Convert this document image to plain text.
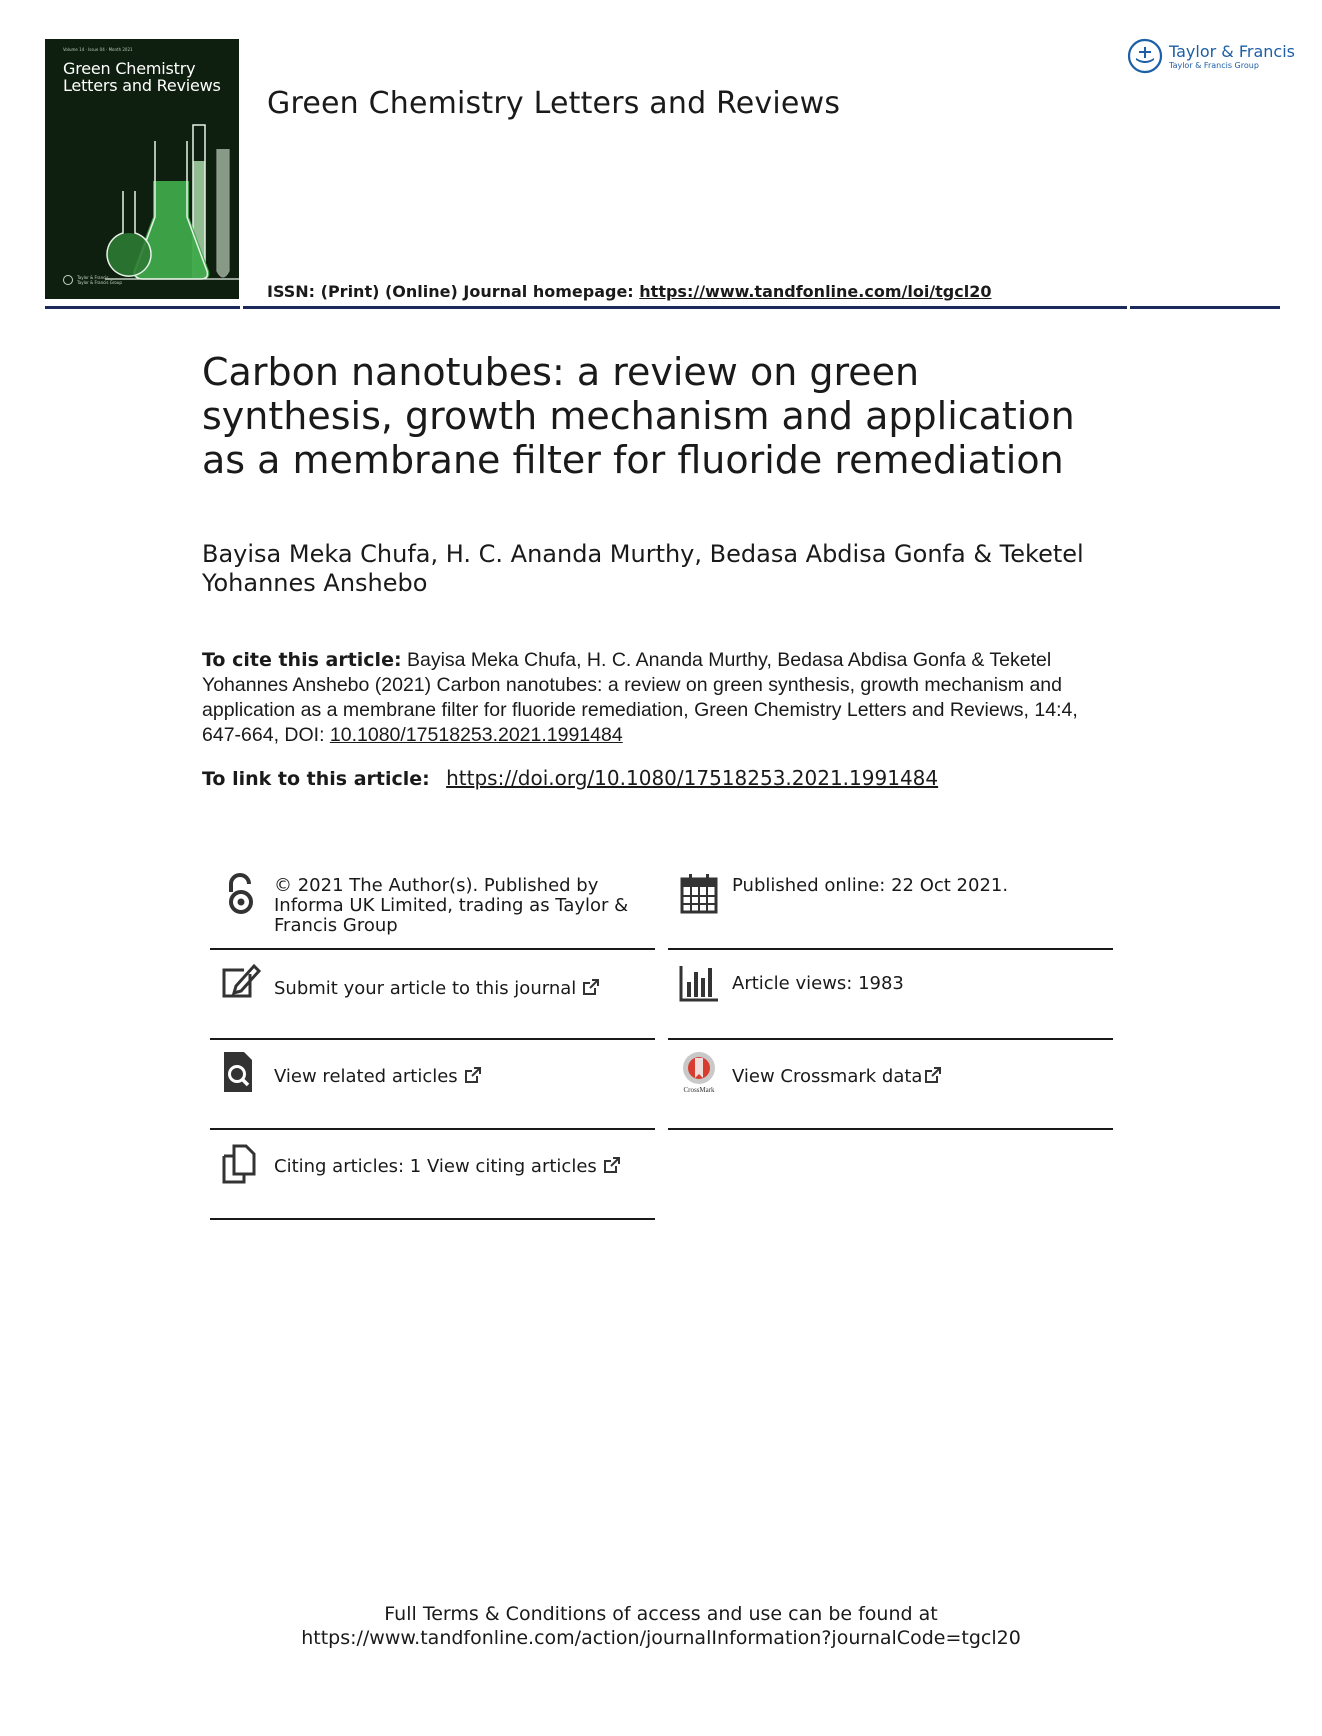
Volume 14 · Issue 04 · Month 2021
Green Chemistry
Letters and Reviews
Taylor & Francis
Taylor & Francis Group
Green Chemistry Letters and Reviews
ISSN: (Print) (Online) Journal homepage: https://www.tandfonline.com/loi/tgcl20
Taylor & Francis
Taylor & Francis Group
Carbon nanotubes: a review on green synthesis, growth mechanism and application as a membrane filter for fluoride remediation
Bayisa Meka Chufa, H. C. Ananda Murthy, Bedasa Abdisa Gonfa & Teketel Yohannes Anshebo
To cite this article: Bayisa Meka Chufa, H. C. Ananda Murthy, Bedasa Abdisa Gonfa & Teketel Yohannes Anshebo (2021) Carbon nanotubes: a review on green synthesis, growth mechanism and application as a membrane filter for fluoride remediation, Green Chemistry Letters and Reviews, 14:4, 647-664, DOI: 10.1080/17518253.2021.1991484
To link to this article: https://doi.org/10.1080/17518253.2021.1991484
© 2021 The Author(s). Published by Informa UK Limited, trading as Taylor & Francis Group
Submit your article to this journal
View related articles
Citing articles: 1 View citing articles
Published online: 22 Oct 2021.
Article views: 1983
CrossMark
View Crossmark data
Full Terms & Conditions of access and use can be found at
https://www.tandfonline.com/action/journalInformation?journalCode=tgcl20
